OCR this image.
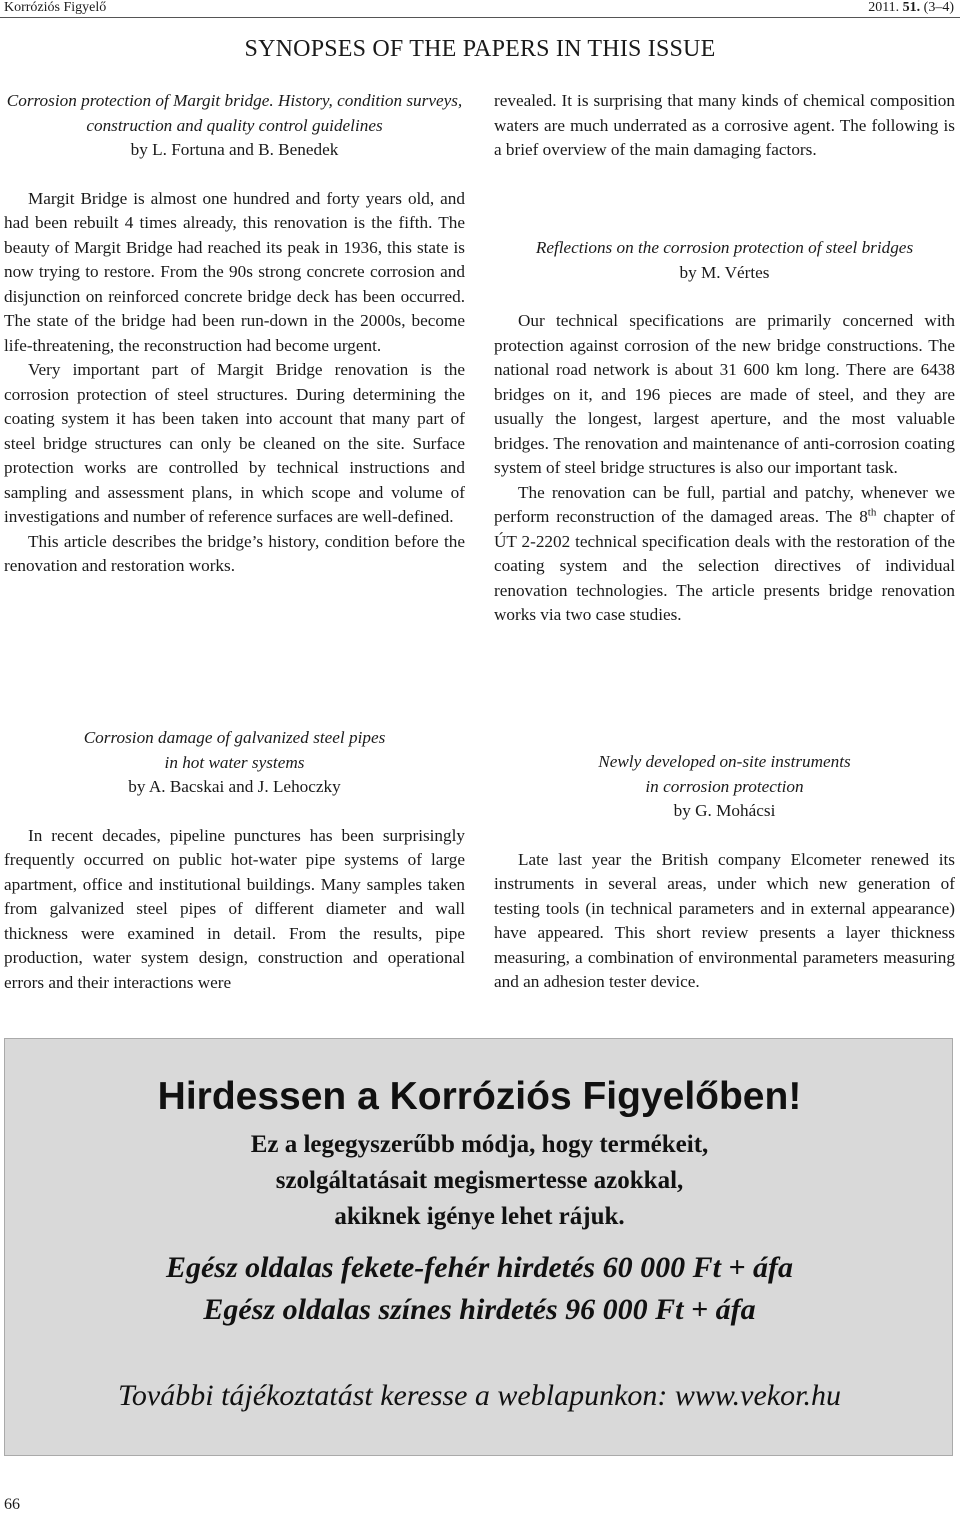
Korróziós Figyelő	2011. 51. (3–4)
SYNOPSES OF THE PAPERS IN THIS ISSUE

Corrosion protection of Margit bridge. History, condition surveys, construction and quality control guidelines

by L. Fortuna and B. Benedek

Margit Bridge is almost one hundred and forty years old, and had been rebuilt 4 times already, this renovation is the fifth. The beauty of Margit Bridge had reached its peak in 1936, this state is now trying to restore. From the 90s strong concrete corrosion and disjunction on reinforced concrete bridge deck has been occurred. The state of the bridge had been run-down in the 2000s, become life-threatening, the reconstruction had become urgent.

Very important part of Margit Bridge renovation is the corrosion protection of steel structures. During determining the coating system it has been taken into account that many part of steel bridge structures can only be cleaned on the site. Surface protection works are controlled by technical instructions and sampling and assessment plans, in which scope and volume of investigations and number of reference surfaces are well-defined.

This article describes the bridge’s history, condition before the renovation and restoration works.

Corrosion damage of galvanized steel pipes

in hot water systems

by A. Bacskai and J. Lehoczky

In recent decades, pipeline punctures has been surprisingly frequently occurred on public hot-water pipe systems of large apartment, office and institutional buildings. Many samples taken from galvanized steel pipes of different diameter and wall thickness were examined in detail. From the results, pipe production, water system design, construction and operational errors and their interactions were

revealed. It is surprising that many kinds of chemical composition waters are much underrated as a corrosive agent. The following is a brief overview of the main damaging factors.

Reflections on the corrosion protection of steel bridges

by M. Vértes

Our technical specifications are primarily concerned with protection against corrosion of the new bridge constructions. The national road network is about 31 600 km long. There are 6438 bridges on it, and 196 pieces are made of steel, and they are usually the longest, largest aperture, and the most valuable bridges. The renovation and maintenance of anti-corrosion coating system of steel bridge structures is also our important task.

The renovation can be full, partial and patchy, whenever we perform reconstruction of the damaged areas. The 8th chapter of ÚT 2-2202 technical specification deals with the restoration of the coating system and the selection directives of individual renovation technologies. The article presents bridge renovation works via two case studies.

Newly developed on-site instruments

in corrosion protection

by G. Mohácsi

Late last year the British company Elcometer renewed its instruments in several areas, under which new generation of testing tools (in technical parameters and in external appearance) have appeared. This short review presents a layer thickness measuring, a combination of environmental parameters measuring and an adhesion tester device.

Hirdessen a Korróziós Figyelőben!
Ez a legegyszerűbb módja, hogy termékeit,
szolgáltatásait megismertesse azokkal,
akiknek igénye lehet rájuk.
Egész oldalas fekete-fehér hirdetés 60 000 Ft + áfa
Egész oldalas színes hirdetés 96 000 Ft + áfa
További tájékoztatást keresse a weblapunkon: www.vekor.hu
66
